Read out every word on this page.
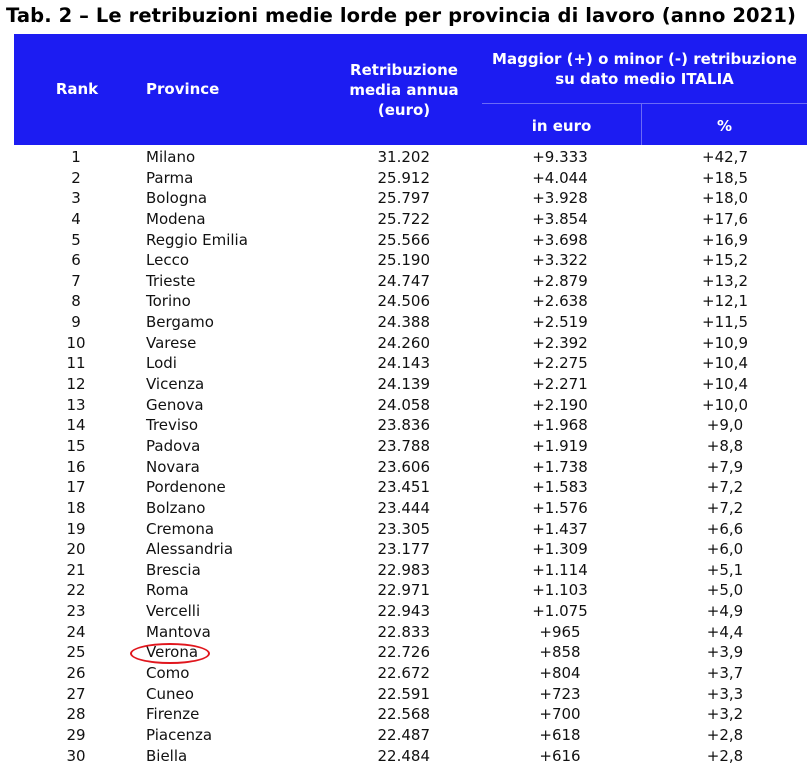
Tab. 2 – Le retribuzioni medie lorde per provincia di lavoro (anno 2021)
Rank	Province
Retribuzione
media annua
(euro)
Maggior (+) o minor (-) retribuzione
su dato medio ITALIA
in euro	%
1	Milano	31.202	+9.333	+42,7
2	Parma	25.912	+4.044	+18,5
3	Bologna	25.797	+3.928	+18,0
4	Modena	25.722	+3.854	+17,6
5	Reggio Emilia	25.566	+3.698	+16,9
6	Lecco	25.190	+3.322	+15,2
7	Trieste	24.747	+2.879	+13,2
8	Torino	24.506	+2.638	+12,1
9	Bergamo	24.388	+2.519	+11,5
10	Varese	24.260	+2.392	+10,9
11	Lodi	24.143	+2.275	+10,4
12	Vicenza	24.139	+2.271	+10,4
13	Genova	24.058	+2.190	+10,0
14	Treviso	23.836	+1.968	+9,0
15	Padova	23.788	+1.919	+8,8
16	Novara	23.606	+1.738	+7,9
17	Pordenone	23.451	+1.583	+7,2
18	Bolzano	23.444	+1.576	+7,2
19	Cremona	23.305	+1.437	+6,6
20	Alessandria	23.177	+1.309	+6,0
21	Brescia	22.983	+1.114	+5,1
22	Roma	22.971	+1.103	+5,0
23	Vercelli	22.943	+1.075	+4,9
24	Mantova	22.833	+965	+4,4
25	Verona	22.726	+858	+3,9
26	Como	22.672	+804	+3,7
27	Cuneo	22.591	+723	+3,3
28	Firenze	22.568	+700	+3,2
29	Piacenza	22.487	+618	+2,8
30	Biella	22.484	+616	+2,8
